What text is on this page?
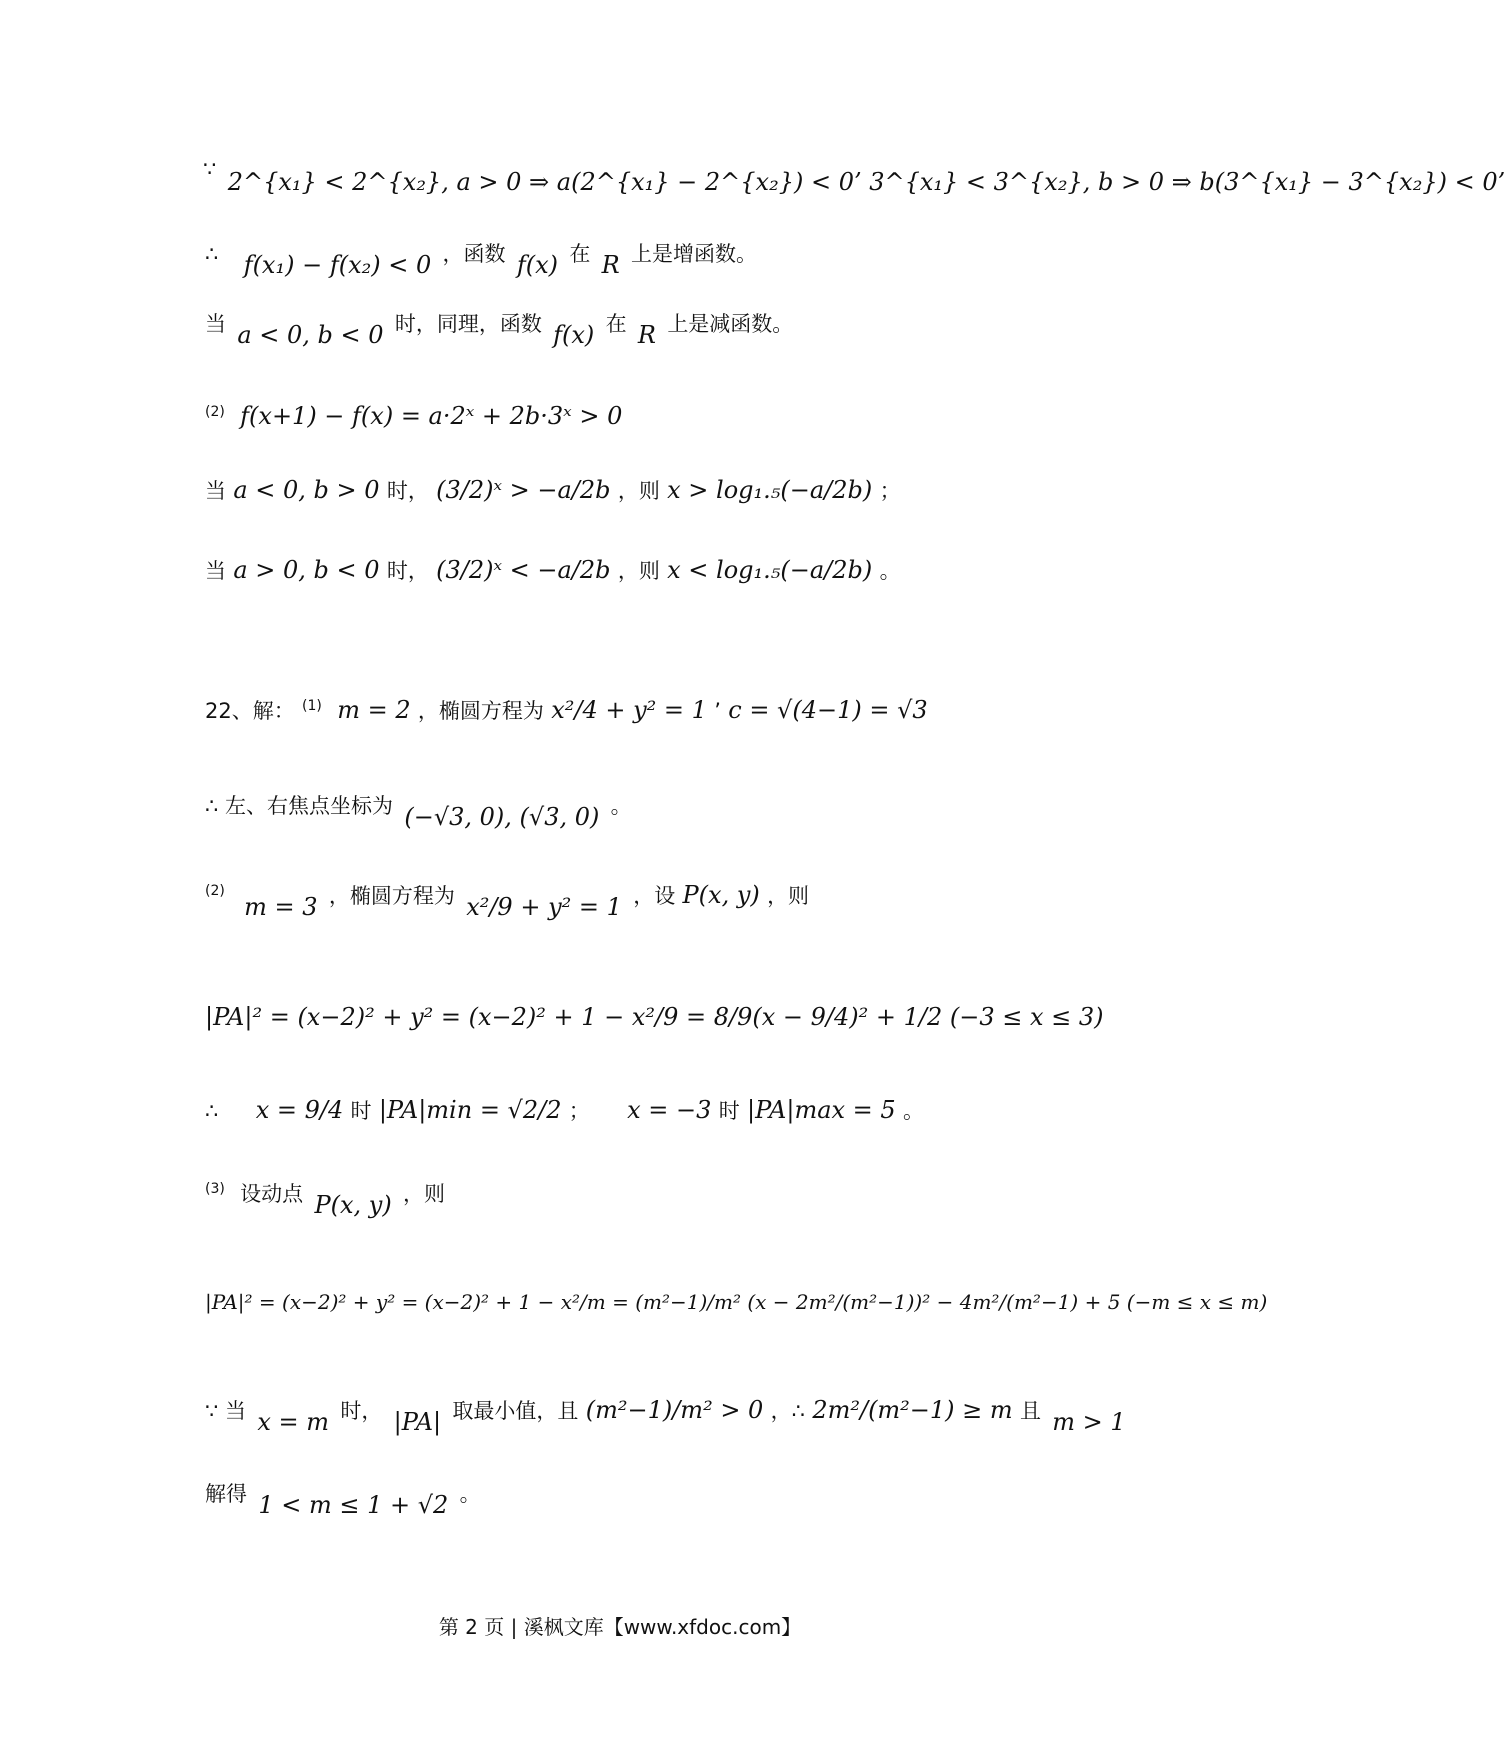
∵ 2^{x₁} < 2^{x₂}, a > 0 ⇒ a(2^{x₁} − 2^{x₂}) < 0’ 3^{x₁} < 3^{x₂}, b > 0 ⇒ b(3^{x₁} − 3^{x₂}) < 0’
∴ f(x₁) − f(x₂) < 0 ，函数 f(x) 在 R 上是增函数。
当 a < 0, b < 0 时，同理，函数 f(x) 在 R 上是减函数。
$^{(2)}$ f(x+1) − f(x) = a·2ˣ + 2b·3ˣ > 0
当 a < 0, b > 0 时， (3/2)ˣ > −a/2b ，则 x > log₁.₅(−a/2b) ；
当 a > 0, b < 0 时， (3/2)ˣ < −a/2b ，则 x < log₁.₅(−a/2b) 。
22、解： $^{(1)}$ m = 2 ，椭圆方程为 x²/4 + y² = 1 ’ c = √(4−1) = √3
∴ 左、右焦点坐标为 (−√3, 0), (√3, 0) 。
$^{(2)}$ m = 3 ，椭圆方程为 x²/9 + y² = 1 ，设 P(x, y) ，则
|PA|² = (x−2)² + y² = (x−2)² + 1 − x²/9 = 8/9(x − 9/4)² + 1/2 (−3 ≤ x ≤ 3)
∴ x = 9/4 时 |PA|min = √2/2 ； x = −3 时 |PA|max = 5 。
$^{(3)}$ 设动点 P(x, y) ，则
|PA|² = (x−2)² + y² = (x−2)² + 1 − x²/m = (m²−1)/m² (x − 2m²/(m²−1))² − 4m²/(m²−1) + 5 (−m ≤ x ≤ m)
∵ 当 x = m 时， |PA| 取最小值，且 (m²−1)/m² > 0 ，∴ 2m²/(m²−1) ≥ m 且 m > 1
解得 1 < m ≤ 1 + √2 。
第 2 页 | 溪枫文库【www.xfdoc.com】
